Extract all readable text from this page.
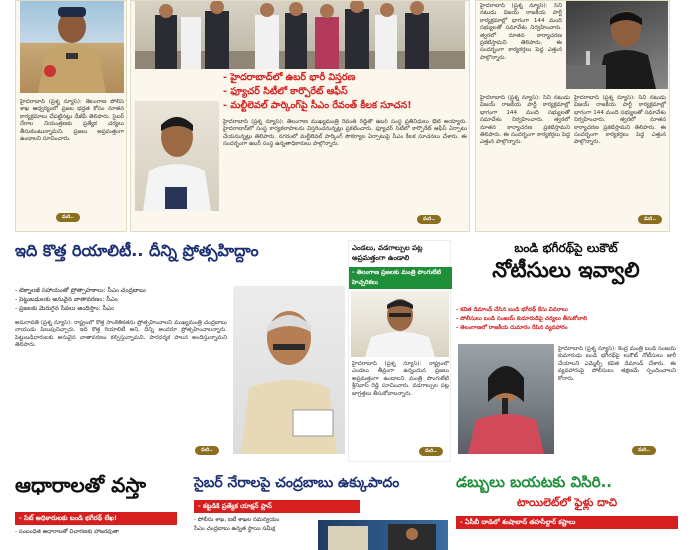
హైదరాబాద్ (ప్రశ్న న్యూస్): తెలంగాణ పోలీస్ శాఖ ఆధ్వర్యంలో ప్రజల భద్రత కోసం నూతన కార్యక్రమాలు చేపట్టినట్లు డీజీపీ తెలిపారు. సైబర్ నేరాల నియంత్రణకు ప్రత్యేక చర్యలు తీసుకుంటున్నామని, ప్రజలు అప్రమత్తంగా ఉండాలని సూచించారు.
మరి..
- హైదరాబాద్‌లో ఉబర్ భారీ విస్తరణ
- ఫ్యూచర్ సిటీలో కార్పొరేట్ ఆఫీస్
- మల్టీలెవల్ పార్కింగ్‌పై సీఎం రేవంత్ కీలక సూచన!
హైదరాబాద్ (ప్రశ్న న్యూస్): తెలంగాణ ముఖ్యమంత్రి రేవంత్ రెడ్డితో ఉబర్ సంస్థ ప్రతినిధులు భేటీ అయ్యారు. హైదరాబాద్‌లో సంస్థ కార్యకలాపాలను విస్తరించనున్నట్లు ప్రకటించారు. ఫ్యూచర్ సిటీలో కార్పొరేట్ ఆఫీస్ ఏర్పాటు చేయనున్నట్లు తెలిపారు. నగరంలో మల్టీలెవల్ పార్కింగ్ సౌకర్యాల ఏర్పాటుపై సీఎం కీలక సూచనలు చేశారు. ఈ సందర్భంగా ఉబర్ సంస్థ ఉన్నతాధికారులు పాల్గొన్నారు.
మరి..
హైదరాబాద్ (ప్రశ్న న్యూస్): సినీ నటుడు విజయ్ రాజకీయ పార్టీ కార్యక్రమాల్లో భాగంగా 144 మంది సభ్యులతో సమావేశం నిర్వహించారు. త్వరలో నూతన కార్యాచరణ ప్రకటిస్తామని తెలిపారు. ఈ సందర్భంగా కార్యకర్తలు పెద్ద ఎత్తున పాల్గొన్నారు.
హైదరాబాద్ (ప్రశ్న న్యూస్): సినీ నటుడు విజయ్ రాజకీయ పార్టీ కార్యక్రమాల్లో భాగంగా 144 మంది సభ్యులతో సమావేశం నిర్వహించారు. త్వరలో నూతన కార్యాచరణ ప్రకటిస్తామని తెలిపారు. ఈ సందర్భంగా కార్యకర్తలు పెద్ద ఎత్తున పాల్గొన్నారు.
హైదరాబాద్ (ప్రశ్న న్యూస్): సినీ నటుడు విజయ్ రాజకీయ పార్టీ కార్యక్రమాల్లో భాగంగా 144 మంది సభ్యులతో సమావేశం నిర్వహించారు. త్వరలో నూతన కార్యాచరణ ప్రకటిస్తామని తెలిపారు. ఈ సందర్భంగా కార్యకర్తలు పెద్ద ఎత్తున పాల్గొన్నారు.
మరి..
ఇది కొత్త రియాలిటీ.. దీన్ని ప్రోత్సహిద్దాం
- టెక్నాలజీ సహాయంతో ప్రోత్సాహకాలు: సీఎం చంద్రబాబు
- పెట్టుబడులకు అనువైన వాతావరణం: సీఎం
- ప్రజలకు మెరుగైన సేవలు అందిస్తాం: సీఎం
అమరావతి (ప్రశ్న న్యూస్): రాష్ట్రంలో కొత్త సాంకేతికతను ప్రోత్సహించాలని ముఖ్యమంత్రి చంద్రబాబు నాయుడు పిలుపునిచ్చారు. ఇది కొత్త రియాలిటీ అని, దీన్ని అందరూ ప్రోత్సహించాలన్నారు. పెట్టుబడిదారులకు అనువైన వాతావరణం కల్పిస్తున్నామని, పారదర్శక పాలన అందిస్తున్నామని తెలిపారు.
మరి..
ఎండలు, వడగాల్పుల పట్ల అప్రమత్తంగా ఉండాలి
- తెలంగాణ ప్రజలకు మంత్రి పొంగులేటి హెచ్చరికలు
హైదరాబాద్ (ప్రశ్న న్యూస్): రాష్ట్రంలో ఎండలు తీవ్రంగా ఉన్నందున ప్రజలు అప్రమత్తంగా ఉండాలని మంత్రి పొంగులేటి శ్రీనివాస్ రెడ్డి సూచించారు. వడగాల్పుల పట్ల జాగ్రత్తలు తీసుకోవాలన్నారు.
మరి..
బండి భగీరథ్‌పై లుకౌట్
నోటీసులు ఇవ్వాలి
- కవిత డిమాండ్ చేసిన బండి భగీరథ్ కేసు వివరాలు
- పోలీసులు బండి సంజయ్ కుమారుడిపై చర్యలు తీసుకోవాలి
- తెలంగాణలో రాజకీయ దుమారం రేపిన వ్యవహారం
హైదరాబాద్ (ప్రశ్న న్యూస్): కేంద్ర మంత్రి బండి సంజయ్ కుమారుడు బండి భగీరథ్‌పై లుకౌట్ నోటీసులు జారీ చేయాలని ఎమ్మెల్సీ కవిత డిమాండ్ చేశారు. ఈ వ్యవహారంపై పోలీసులు తక్షణమే స్పందించాలని కోరారు.
మరి..
ఆధారాలతో వస్తా
- సిట్ అధికారులకు బండి భగీరథ్ లేఖ!
- సంబంధిత ఆధారాలతో విచారణకు హాజరవుతా
సైబర్ నేరాలపై చంద్రబాబు ఉక్కుపాదం
- కట్టడికి ప్రత్యేక యాక్షన్ ప్లాన్
- పోలీసు శాఖ, ఐటీ శాఖల సమన్వయం
సీఎం చంద్రబాబు ఉన్నత స్థాయి సమీక్ష
డబ్బులు బయటకు విసిరి..
టాయిలెట్‌లో ఫైళ్లు దాచి
- ఏసీబీ దాడిలో శంషాబాద్ తహసీల్దార్ కష్టాలు
